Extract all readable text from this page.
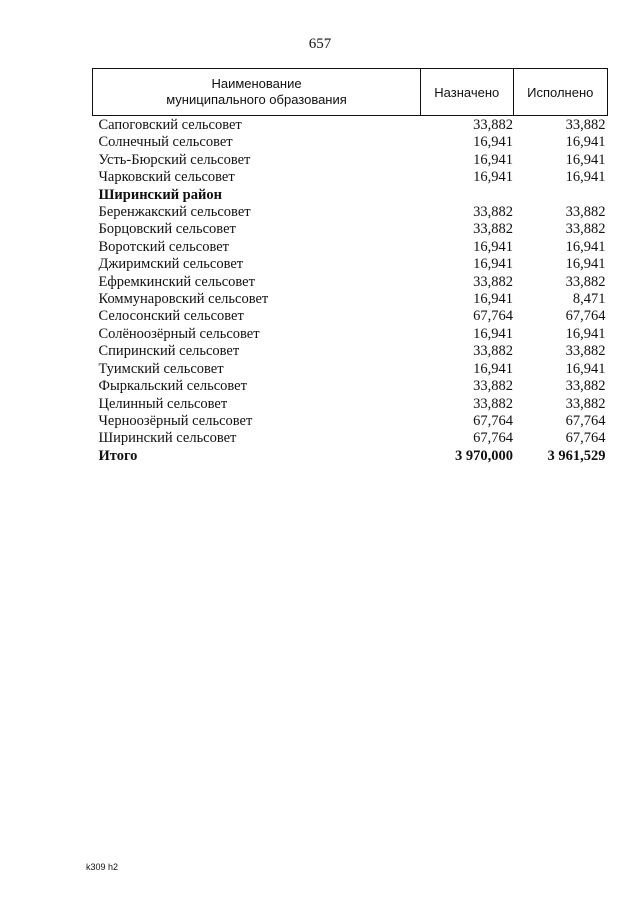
657
Наименование
муниципального образования	Назначено	Исполнено
Сапоговский сельсовет	33,882	33,882
Солнечный сельсовет	16,941	16,941
Усть-Бюрский сельсовет	16,941	16,941
Чарковский сельсовет	16,941	16,941
Ширинский район		
Беренжакский сельсовет	33,882	33,882
Борцовский сельсовет	33,882	33,882
Воротский сельсовет	16,941	16,941
Джиримский сельсовет	16,941	16,941
Ефремкинский сельсовет	33,882	33,882
Коммунаровский сельсовет	16,941	8,471
Селосонский сельсовет	67,764	67,764
Солёноозёрный сельсовет	16,941	16,941
Спиринский сельсовет	33,882	33,882
Туимский сельсовет	16,941	16,941
Фыркальский сельсовет	33,882	33,882
Целинный сельсовет	33,882	33,882
Черноозёрный сельсовет	67,764	67,764
Ширинский сельсовет	67,764	67,764
Итого	3 970,000	3 961,529
k309 h2
